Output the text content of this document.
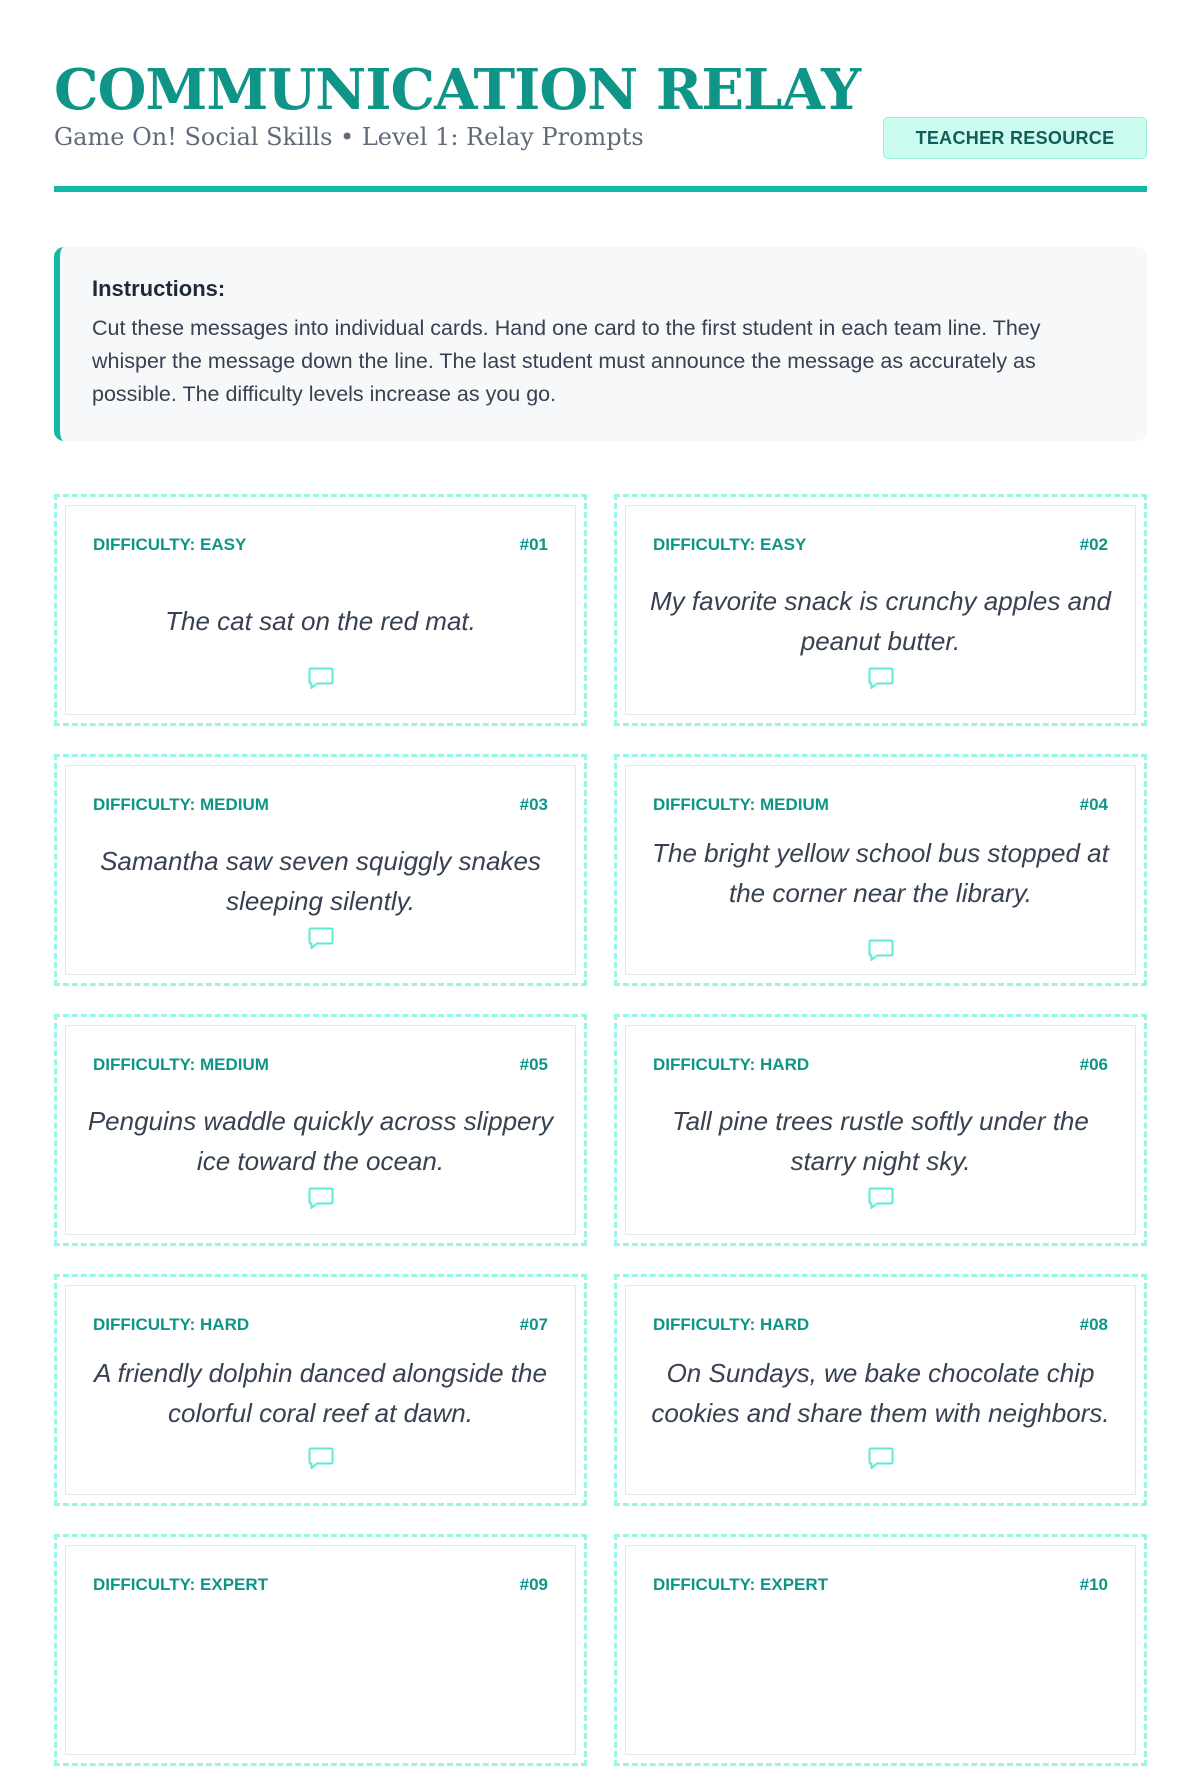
COMMUNICATION RELAY
Game On! Social Skills • Level 1: Relay Prompts	TEACHER RESOURCE
Instructions:
Cut these messages into individual cards. Hand one card to the first student in each team line. They whisper the message down the line. The last student must announce the message as accurately as possible. The difficulty levels increase as you go.
DIFFICULTY: EASY	#01
The cat sat on the red mat.
DIFFICULTY: EASY	#02
My favorite snack is crunchy apples and peanut butter.
DIFFICULTY: MEDIUM	#03
Samantha saw seven squiggly snakes sleeping silently.
DIFFICULTY: MEDIUM	#04
The bright yellow school bus stopped at the corner near the library.
DIFFICULTY: MEDIUM	#05
Penguins waddle quickly across slippery ice toward the ocean.
DIFFICULTY: HARD	#06
Tall pine trees rustle softly under the starry night sky.
DIFFICULTY: HARD	#07
A friendly dolphin danced alongside the colorful coral reef at dawn.
DIFFICULTY: HARD	#08
On Sundays, we bake chocolate chip cookies and share them with neighbors.
DIFFICULTY: EXPERT	#09	DIFFICULTY: EXPERT	#10
